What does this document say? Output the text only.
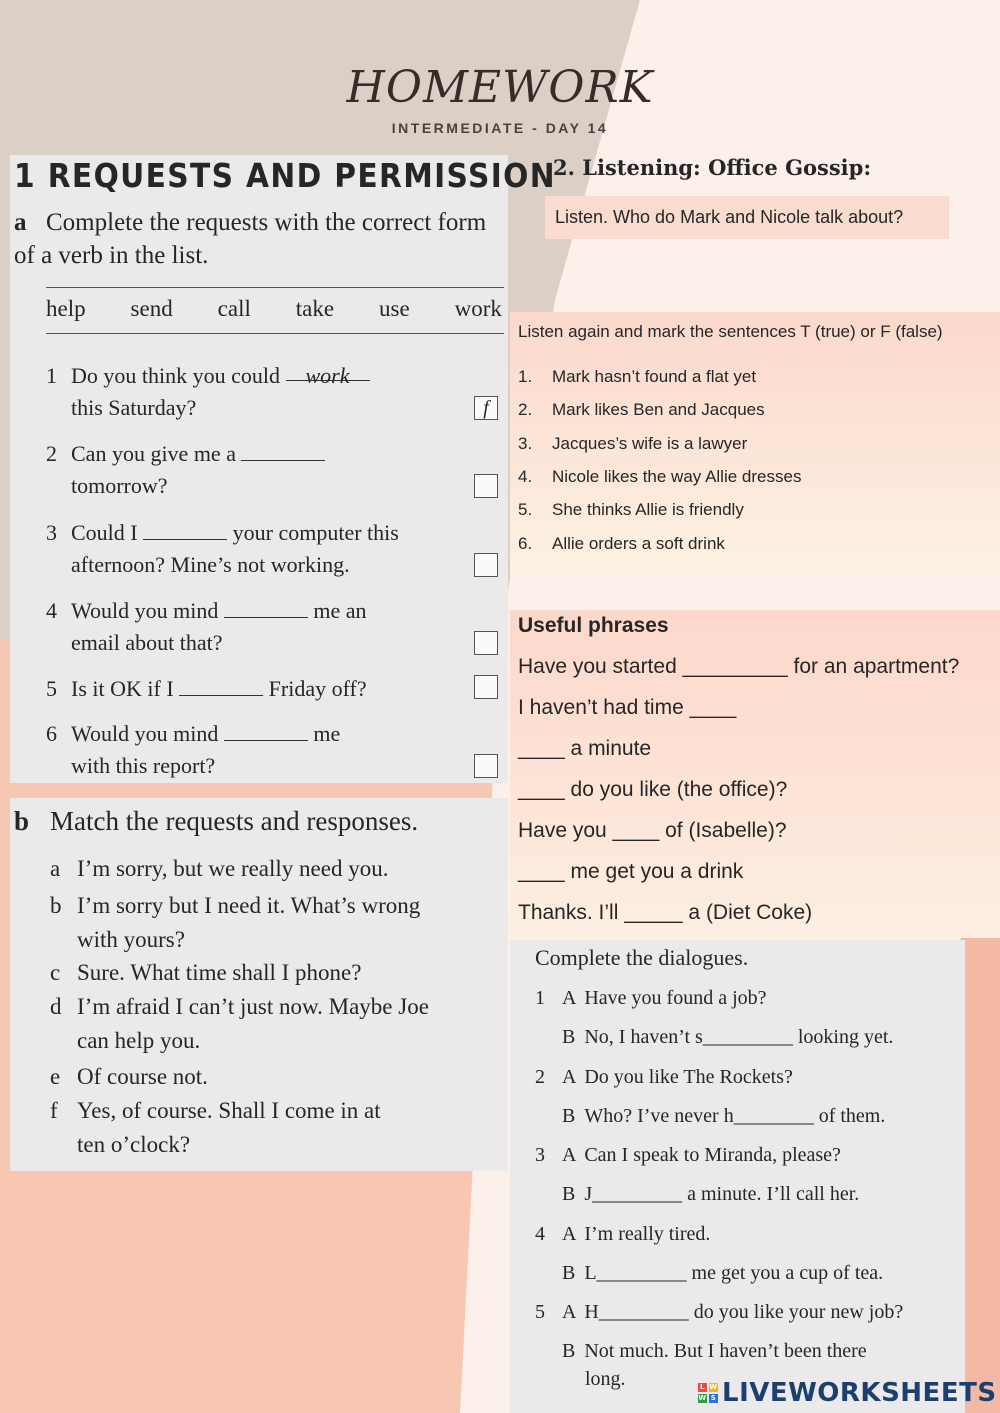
HOMEWORK
INTERMEDIATE - DAY 14
1 REQUESTS AND PERMISSION
a Complete the requests with the correct form of a verb in the list.
help send call take use work
1 Do you think you could work
this Saturday?	f
2 Can you give me a
tomorrow?
3 Could I	your computer this
afternoon? Mine’s not working.
4 Would you mind	me an
email about that?
5 Is it OK if I	Friday off?

6 Would you mind	me
with this report?
b Match the requests and responses.
a I’m sorry, but we really need you.
b I’m sorry but I need it. What’s wrong
with yours?
c Sure. What time shall I phone?
d I’m afraid I can’t just now. Maybe Joe
can help you.
e Of course not.
f Yes, of course. Shall I come in at
ten o’clock?
2. Listening: Office Gossip:
Listen. Who do Mark and Nicole talk about?
Listen again and mark the sentences T (true) or F (false)
1. Mark hasn’t found a flat yet
2. Mark likes Ben and Jacques
3. Jacques’s wife is a lawyer
4. Nicole likes the way Allie dresses
5. She thinks Allie is friendly
6. Allie orders a soft drink
Useful phrases
Have you started _________ for an apartment?
I haven’t had time ____
____ a minute
____ do you like (the office)?
Have you ____ of (Isabelle)?
____ me get you a drink
Thanks. I’ll _____ a (Diet Coke)
Complete the dialogues.
1 A Have you found a job?
B No, I haven’t s_________ looking yet.
2 A Do you like The Rockets?
B Who? I’ve never h________ of them.
3 A Can I speak to Miranda, please?
B J_________ a minute. I’ll call her.
4 A I’m really tired.
B L_________ me get you a cup of tea.
5 A H_________ do you like your new job?
B Not much. But I haven’t been there
long.	L W
W S LIVEWORKSHEETS
